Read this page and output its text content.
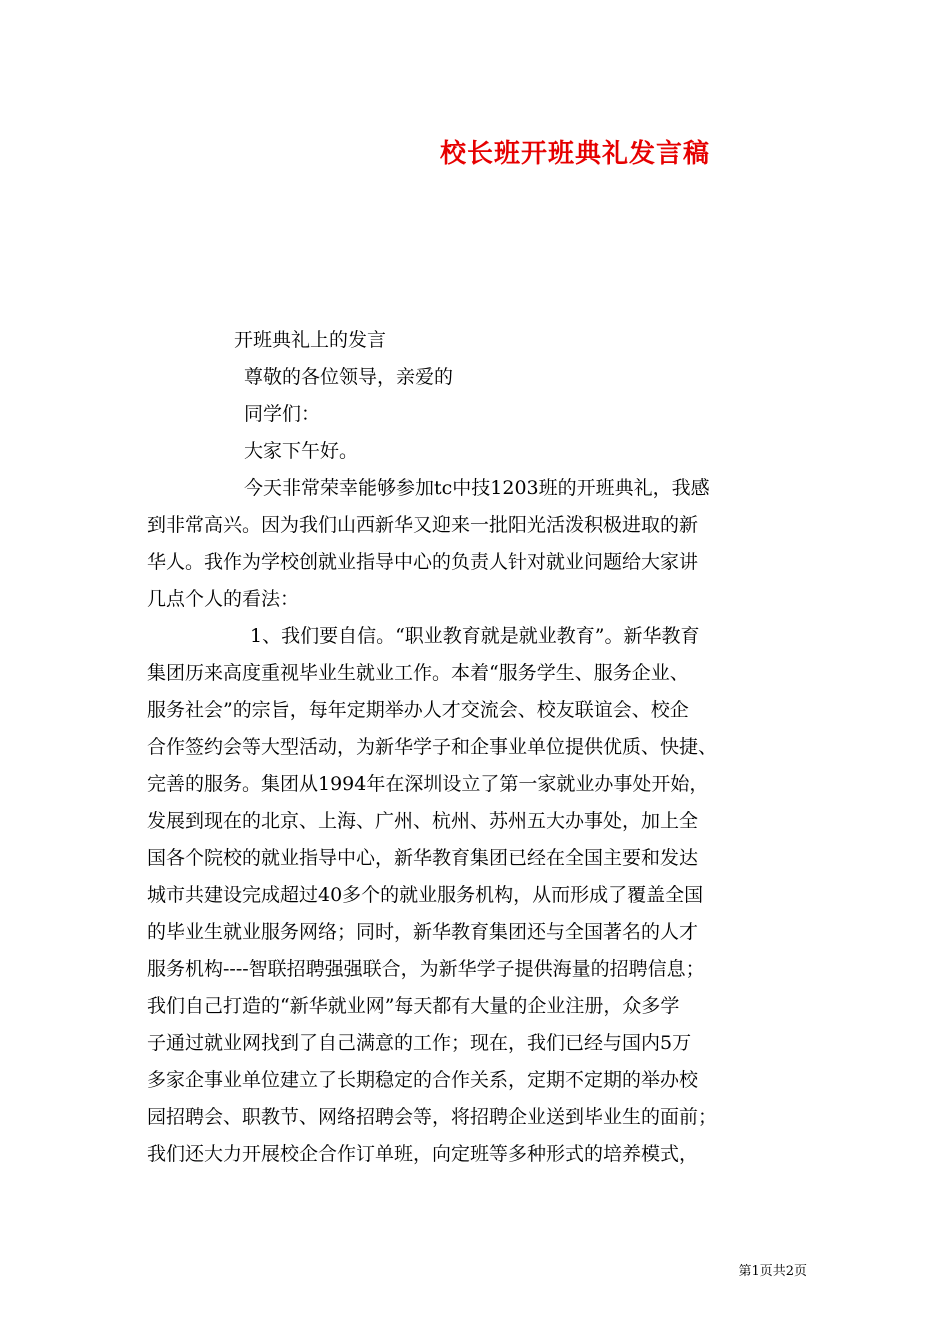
校长班开班典礼发言稿
开班典礼上的发言
尊敬的各位领导，亲爱的
同学们：
大家下午好。
今天非常荣幸能够参加tc中技1203班的开班典礼，我感
到非常高兴。因为我们山西新华又迎来一批阳光活泼积极进取的新
华人。我作为学校创就业指导中心的负责人针对就业问题给大家讲
几点个人的看法：
1、我们要自信。“职业教育就是就业教育”。新华教育
集团历来高度重视毕业生就业工作。本着“服务学生、服务企业、
服务社会”的宗旨，每年定期举办人才交流会、校友联谊会、校企
合作签约会等大型活动，为新华学子和企事业单位提供优质、快捷、
完善的服务。集团从1994年在深圳设立了第一家就业办事处开始，
发展到现在的北京、上海、广州、杭州、苏州五大办事处，加上全
国各个院校的就业指导中心，新华教育集团已经在全国主要和发达
城市共建设完成超过40多个的就业服务机构，从而形成了覆盖全国
的毕业生就业服务网络；同时，新华教育集团还与全国著名的人才
服务机构----智联招聘强强联合，为新华学子提供海量的招聘信息；
我们自己打造的“新华就业网”每天都有大量的企业注册，众多学
子通过就业网找到了自己满意的工作；现在，我们已经与国内5万
多家企事业单位建立了长期稳定的合作关系，定期不定期的举办校
园招聘会、职教节、网络招聘会等，将招聘企业送到毕业生的面前；
我们还大力开展校企合作订单班，向定班等多种形式的培养模式，
第1页共2页
